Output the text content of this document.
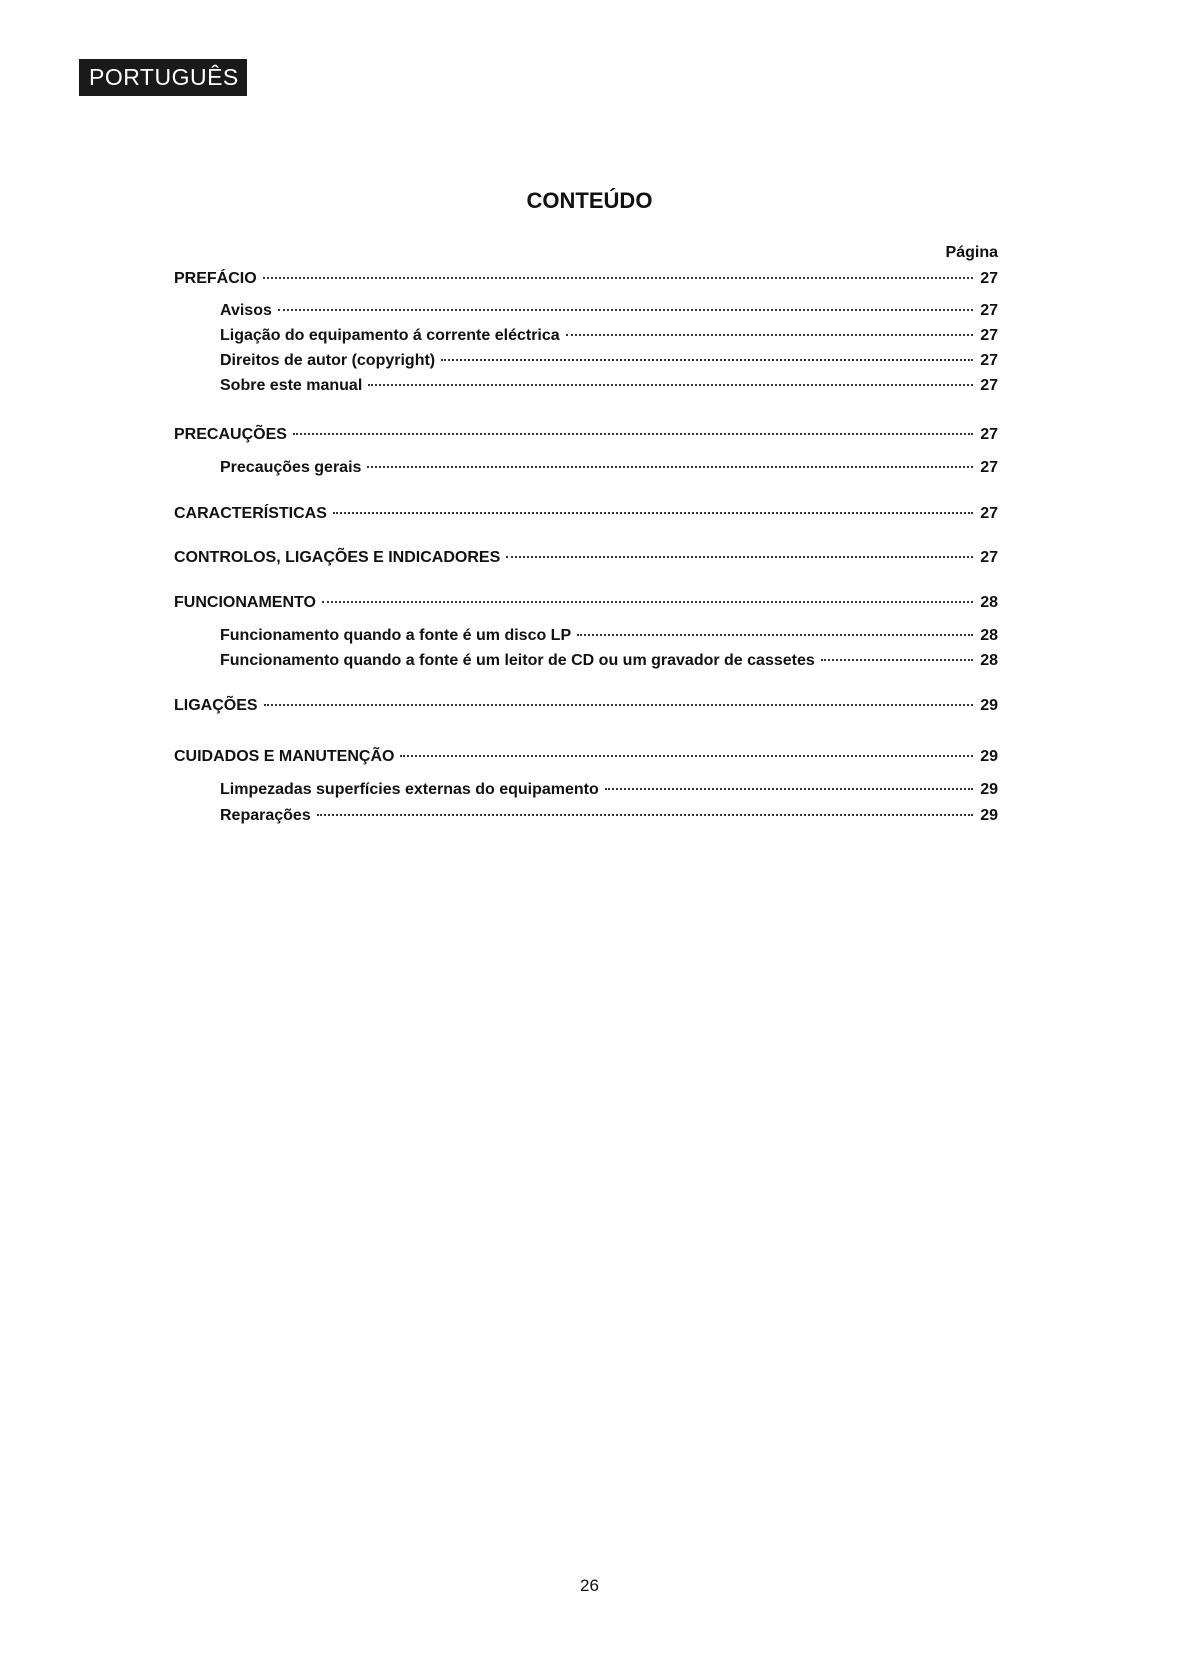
PORTUGUÊS
CONTEÚDO
Página
PREFÁCIO	27
Avisos	27
Ligação do equipamento á corrente eléctrica	27
Direitos de autor (copyright)	27
Sobre este manual	27
PRECAUÇÕES	27
Precauções gerais	27
CARACTERÍSTICAS	27
CONTROLOS, LIGAÇÕES E INDICADORES	27
FUNCIONAMENTO	28
Funcionamento quando a fonte é um disco LP	28
Funcionamento quando a fonte é um leitor de CD ou um gravador de cassetes	28
LIGAÇÕES	29
CUIDADOS E MANUTENÇÃO	29
Limpezadas superfícies externas do equipamento	29
Reparações	29
26
